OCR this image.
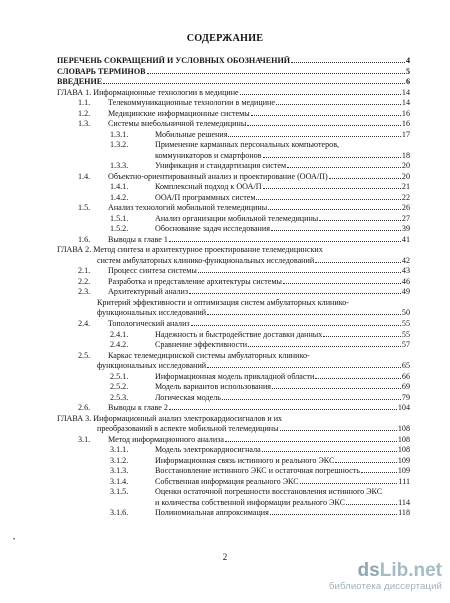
СОДЕРЖАНИЕ
ПЕРЕЧЕНЬ СОКРАЩЕНИЙ И УСЛОВНЫХ ОБОЗНАЧЕНИЙ	4
СЛОВАРЬ ТЕРМИНОВ	5
ВВЕДЕНИЕ	6
ГЛАВА 1. Информационные технологии в медицине	14
1.1.	Телекоммуникационные технологии в медицине	14
1.2.	Медицинские информационные системы	16
1.3.	Системы внебольничной телемедицины	16
1.3.1.	Мобильные решения	17
1.3.2.	Применение карманных персональных компьютеров,
коммуникаторов и смартфонов	18
1.3.3.	Унификация и стандартизация систем	20
1.4.	Объектно-ориентированный анализ и проектирование (ООА/П)	20
1.4.1.	Комплексный подход к ООА/П	21
1.4.2.	ООА/П программных систем	22
1.5.	Анализ технологий мобильной телемедицины	26
1.5.1.	Анализ организации мобильной телемедицины	27
1.5.2.	Обоснование задач исследования	39
1.6.	Выводы к главе 1	41
ГЛАВА 2. Метод синтеза и архитектурное проектирование телемедицинских
систем амбулаторных клинико-функциональных исследований	42
2.1.	Процесс синтеза системы	43
2.2.	Разработка и представление архитектуры системы	46
2.3.	Архитектурный анализ	49
Критерий эффективности и оптимизация систем амбулаторных клинико-
функциональных исследований	50
2.4.	Топологический анализ	55
2.4.1.	Надежность и быстродействие доставки данных	55
2.4.2.	Сравнение эффективности	57
2.5.	Каркас телемедицинской системы амбулаторных клинико-
функциональных исследований	65
2.5.1.	Информационная модель прикладной области	66
2.5.2.	Модель вариантов использования	69
2.5.3.	Логическая модель	79
2.6.	Выводы к главе 2	104
ГЛАВА 3. Информационный анализ электрокардиосигналов и их
преобразований в аспекте мобильной телемедицины	108
3.1.	Метод информационного анализа	108
3.1.1.	Модель электрокардиосигнала	108
3.1.2.	Информационная связь истинного и реального ЭКС	109
3.1.3.	Восстановление истинного ЭКС и остаточная погрешность	109
3.1.4.	Собственная информация реального ЭКС	111
3.1.5.	Оценки остаточной погрешности восстановления истинного ЭКС
и количества собственной информации реального ЭКС	114
3.1.6.	Полиномиальная аппроксимация	118
•
2
dsLib.net
библиотека диссертаций
